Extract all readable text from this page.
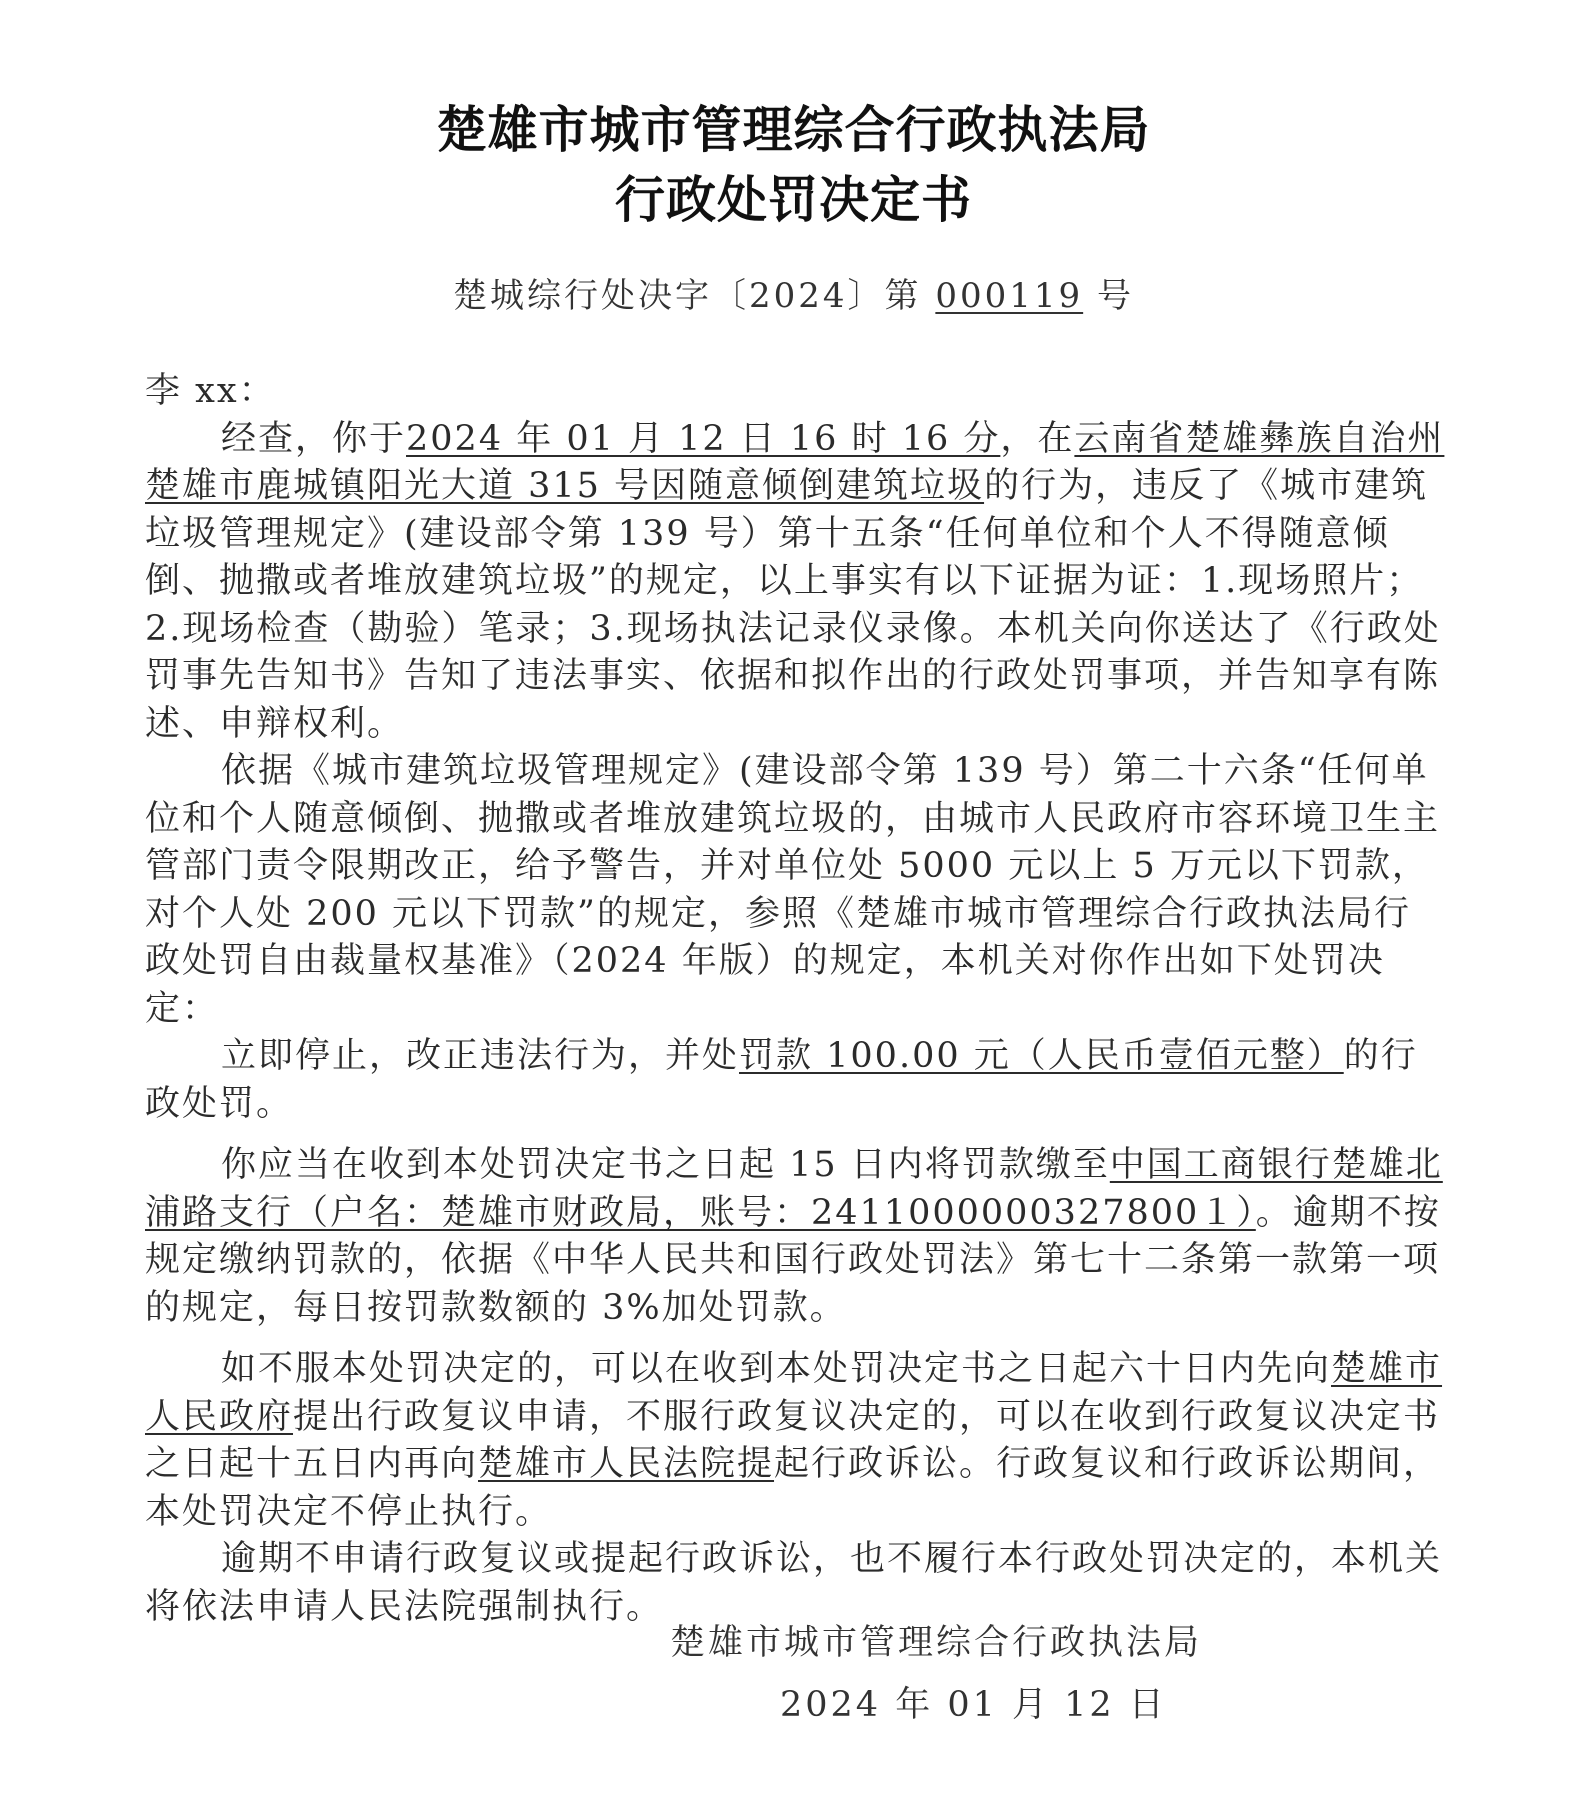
楚雄市城市管理综合行政执法局
行政处罚决定书
楚城综行处决字〔2024〕第 000119 号

李 xx：

经查，你于2024 年 01 月 12 日 16 时 16 分，在云南省楚雄彝族自治州楚雄市鹿城镇阳光大道 315 号因随意倾倒建筑垃圾的行为，违反了《城市建筑垃圾管理规定》(建设部令第 139 号）第十五条“任何单位和个人不得随意倾倒、抛撒或者堆放建筑垃圾”的规定，以上事实有以下证据为证：1.现场照片；2.现场检查（勘验）笔录；3.现场执法记录仪录像。本机关向你送达了《行政处罚事先告知书》告知了违法事实、依据和拟作出的行政处罚事项，并告知享有陈述、申辩权利。

依据《城市建筑垃圾管理规定》(建设部令第 139 号）第二十六条“任何单位和个人随意倾倒、抛撒或者堆放建筑垃圾的，由城市人民政府市容环境卫生主管部门责令限期改正，给予警告，并对单位处 5000 元以上 5 万元以下罚款，对个人处 200 元以下罚款”的规定，参照《楚雄市城市管理综合行政执法局行政处罚自由裁量权基准》（2024 年版）的规定，本机关对你作出如下处罚决定：

立即停止，改正违法行为，并处罚款 100.00 元（人民币壹佰元整）的行政处罚。

你应当在收到本处罚决定书之日起 15 日内将罚款缴至中国工商银行楚雄北浦路支行（户名：楚雄市财政局，账号：2411000000327800１）。逾期不按规定缴纳罚款的，依据《中华人民共和国行政处罚法》第七十二条第一款第一项的规定，每日按罚款数额的 3%加处罚款。

如不服本处罚决定的，可以在收到本处罚决定书之日起六十日内先向楚雄市人民政府提出行政复议申请，不服行政复议决定的，可以在收到行政复议决定书之日起十五日内再向楚雄市人民法院提起行政诉讼。行政复议和行政诉讼期间，本处罚决定不停止执行。

逾期不申请行政复议或提起行政诉讼，也不履行本行政处罚决定的，本机关将依法申请人民法院强制执行。

楚雄市城市管理综合行政执法局
2024 年 01 月 12 日
